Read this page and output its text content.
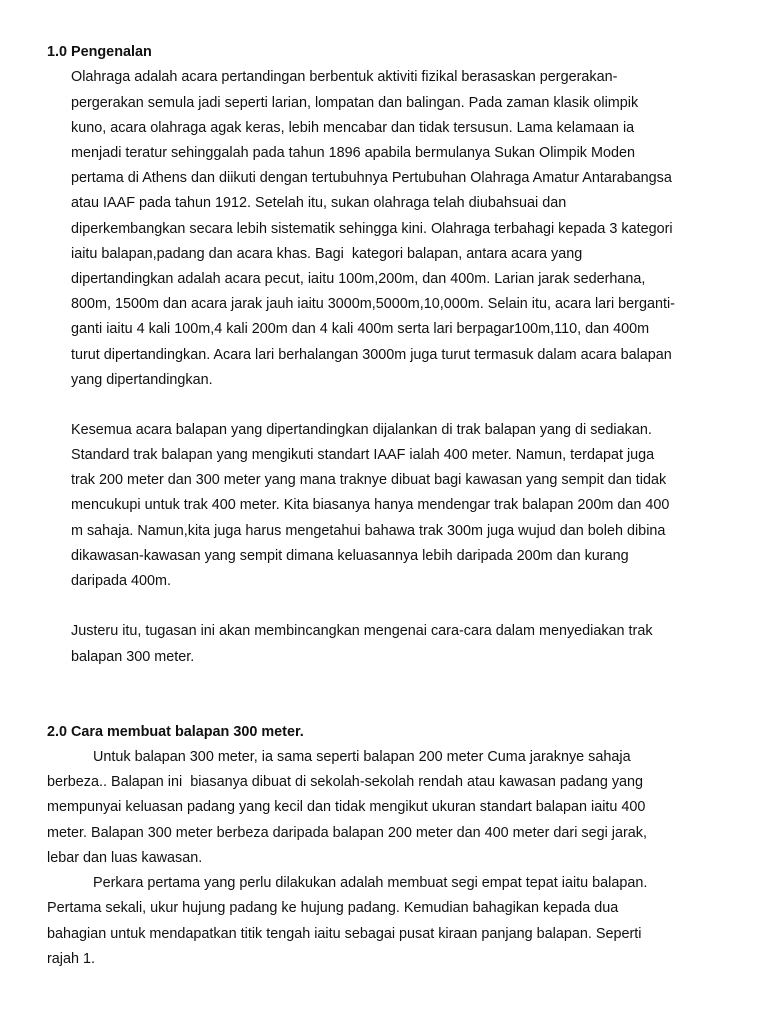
1.0 Pengenalan
Olahraga adalah acara pertandingan berbentuk aktiviti fizikal berasaskan pergerakan-
pergerakan semula jadi seperti larian, lompatan dan balingan. Pada zaman klasik olimpik
kuno, acara olahraga agak keras, lebih mencabar dan tidak tersusun. Lama kelamaan ia
menjadi teratur sehinggalah pada tahun 1896 apabila bermulanya Sukan Olimpik Moden
pertama di Athens dan diikuti dengan tertubuhnya Pertubuhan Olahraga Amatur Antarabangsa
atau IAAF pada tahun 1912. Setelah itu, sukan olahraga telah diubahsuai dan
diperkembangkan secara lebih sistematik sehingga kini. Olahraga terbahagi kepada 3 kategori
iaitu balapan,padang dan acara khas. Bagi  kategori balapan, antara acara yang
dipertandingkan adalah acara pecut, iaitu 100m,200m, dan 400m. Larian jarak sederhana,
800m, 1500m dan acara jarak jauh iaitu 3000m,5000m,10,000m. Selain itu, acara lari berganti-
ganti iaitu 4 kali 100m,4 kali 200m dan 4 kali 400m serta lari berpagar100m,110, dan 400m
turut dipertandingkan. Acara lari berhalangan 3000m juga turut termasuk dalam acara balapan
yang dipertandingkan.
Kesemua acara balapan yang dipertandingkan dijalankan di trak balapan yang di sediakan.
Standard trak balapan yang mengikuti standart IAAF ialah 400 meter. Namun, terdapat juga
trak 200 meter dan 300 meter yang mana traknye dibuat bagi kawasan yang sempit dan tidak
mencukupi untuk trak 400 meter. Kita biasanya hanya mendengar trak balapan 200m dan 400
m sahaja. Namun,kita juga harus mengetahui bahawa trak 300m juga wujud dan boleh dibina
dikawasan-kawasan yang sempit dimana keluasannya lebih daripada 200m dan kurang
daripada 400m.
Justeru itu, tugasan ini akan membincangkan mengenai cara-cara dalam menyediakan trak
balapan 300 meter.
2.0 Cara membuat balapan 300 meter.
Untuk balapan 300 meter, ia sama seperti balapan 200 meter Cuma jaraknye sahaja
berbeza.. Balapan ini  biasanya dibuat di sekolah-sekolah rendah atau kawasan padang yang
mempunyai keluasan padang yang kecil dan tidak mengikut ukuran standart balapan iaitu 400
meter. Balapan 300 meter berbeza daripada balapan 200 meter dan 400 meter dari segi jarak,
lebar dan luas kawasan.
Perkara pertama yang perlu dilakukan adalah membuat segi empat tepat iaitu balapan.
Pertama sekali, ukur hujung padang ke hujung padang. Kemudian bahagikan kepada dua
bahagian untuk mendapatkan titik tengah iaitu sebagai pusat kiraan panjang balapan. Seperti
rajah 1.
